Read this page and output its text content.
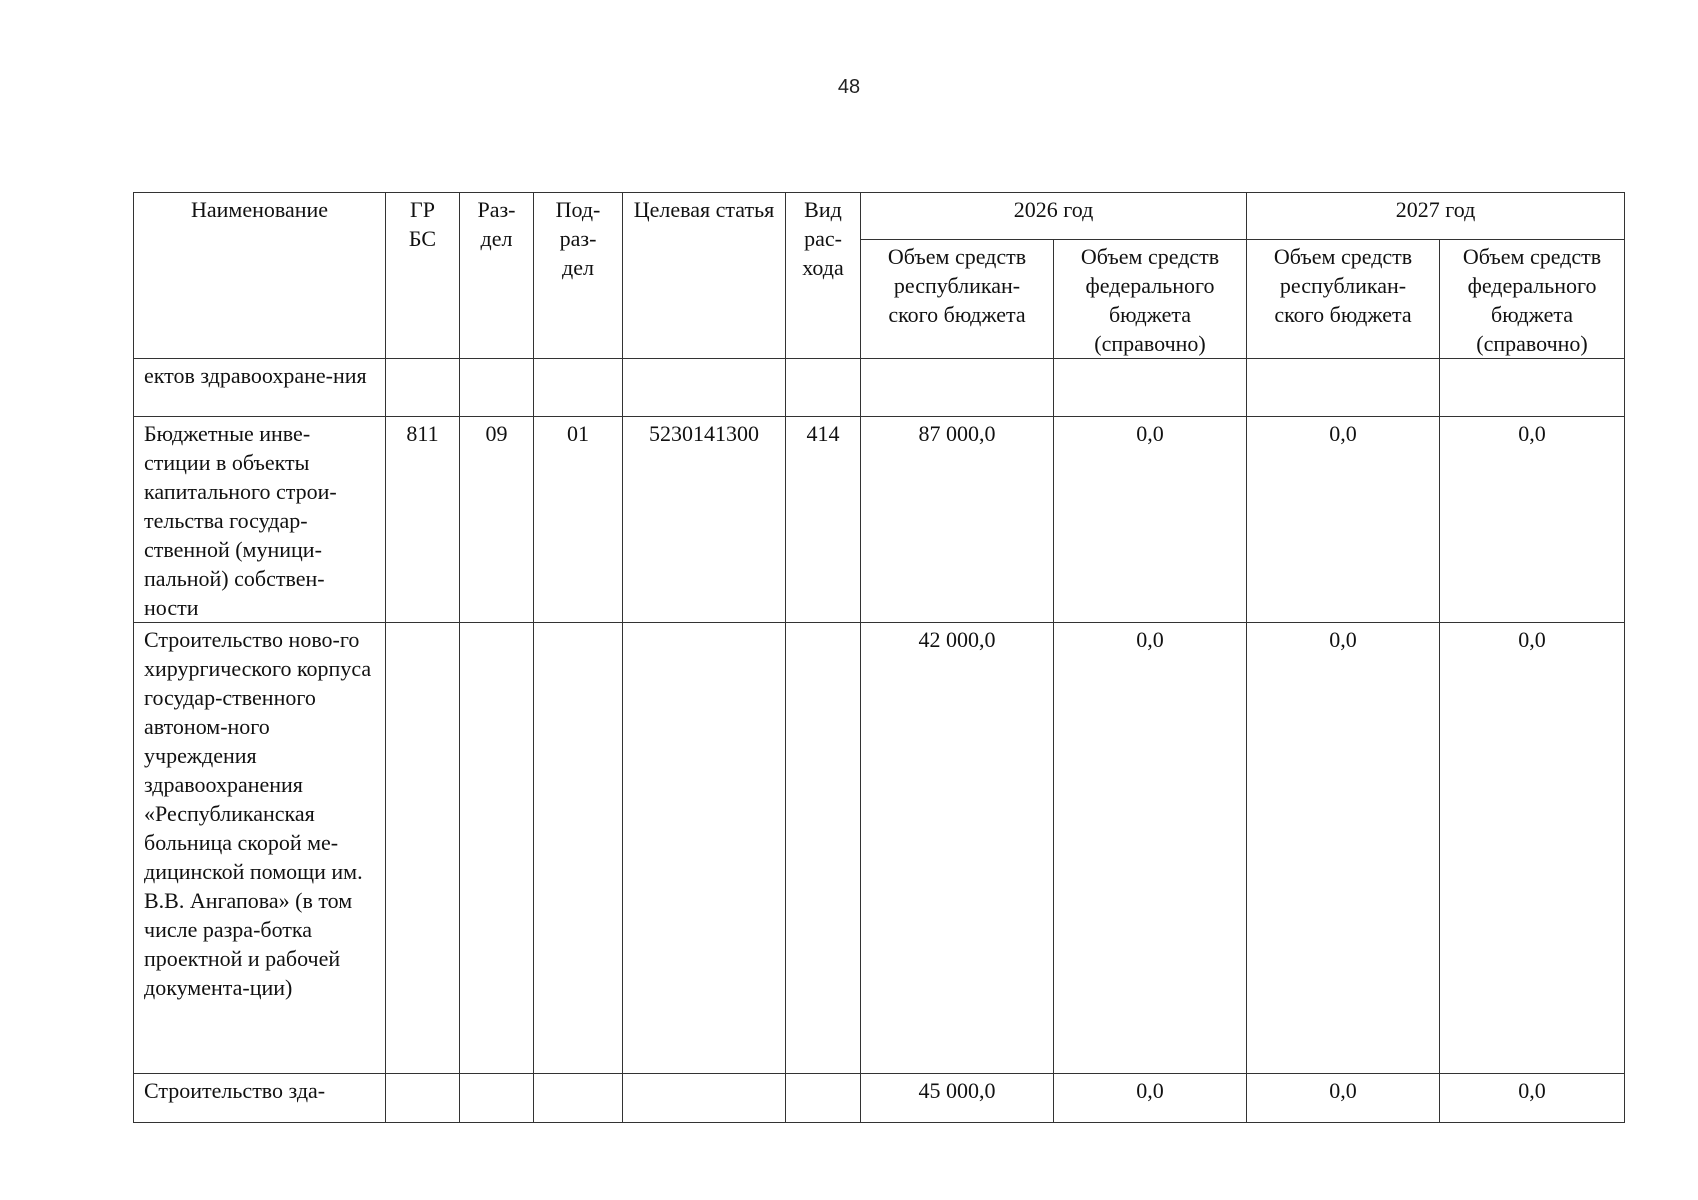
48
Наименование	ГР БС	Раз-дел	Под-раз-дел	Целевая статья	Вид рас-хода	2026 год		2027 год	
						Объем средств республикан-ского бюджета	Объем средств федерального бюджета (справочно)	Объем средств республикан-ского бюджета	Объем средств федерального бюджета (справочно)
ектов здравоохране-ния									
Бюджетные инве-стиции в объекты капитального строи-тельства государ-ственной (муници-пальной) собствен-ности	811	09	01	5230141300	414	87 000,0	0,0	0,0	0,0
Строительство ново-го хирургического корпуса государ-ственного автоном-ного учреждения здравоохранения «Республиканская больница скорой ме-дицинской помощи им. В.В. Ангапова» (в том числе разра-ботка проектной и рабочей документа-ции)						42 000,0	0,0	0,0	0,0
Строительство зда-						45 000,0	0,0	0,0	0,0
